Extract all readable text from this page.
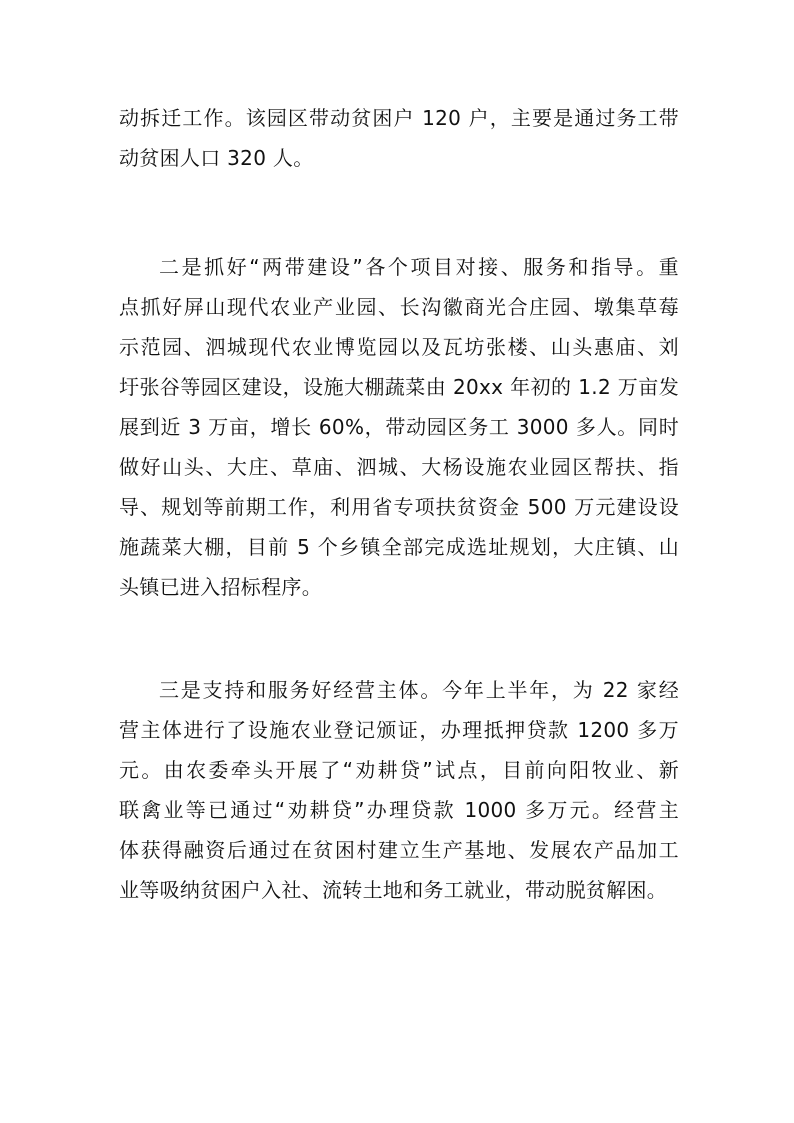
动拆迁工作。该园区带动贫困户 120 户，主要是通过务工带
动贫困人口 320 人。
二是抓好“两带建设”各个项目对接、服务和指导。重
点抓好屏山现代农业产业园、长沟徽商光合庄园、墩集草莓
示范园、泗城现代农业博览园以及瓦坊张楼、山头惠庙、刘
圩张谷等园区建设，设施大棚蔬菜由 20xx 年初的 1.2 万亩发
展到近 3 万亩，增长 60%，带动园区务工 3000 多人。同时
做好山头、大庄、草庙、泗城、大杨设施农业园区帮扶、指
导、规划等前期工作，利用省专项扶贫资金 500 万元建设设
施蔬菜大棚，目前 5 个乡镇全部完成选址规划，大庄镇、山
头镇已进入招标程序。
三是支持和服务好经营主体。今年上半年，为 22 家经
营主体进行了设施农业登记颁证，办理抵押贷款 1200 多万
元。由农委牵头开展了“劝耕贷”试点，目前向阳牧业、新
联禽业等已通过“劝耕贷”办理贷款 1000 多万元。经营主
体获得融资后通过在贫困村建立生产基地、发展农产品加工
业等吸纳贫困户入社、流转土地和务工就业，带动脱贫解困。
